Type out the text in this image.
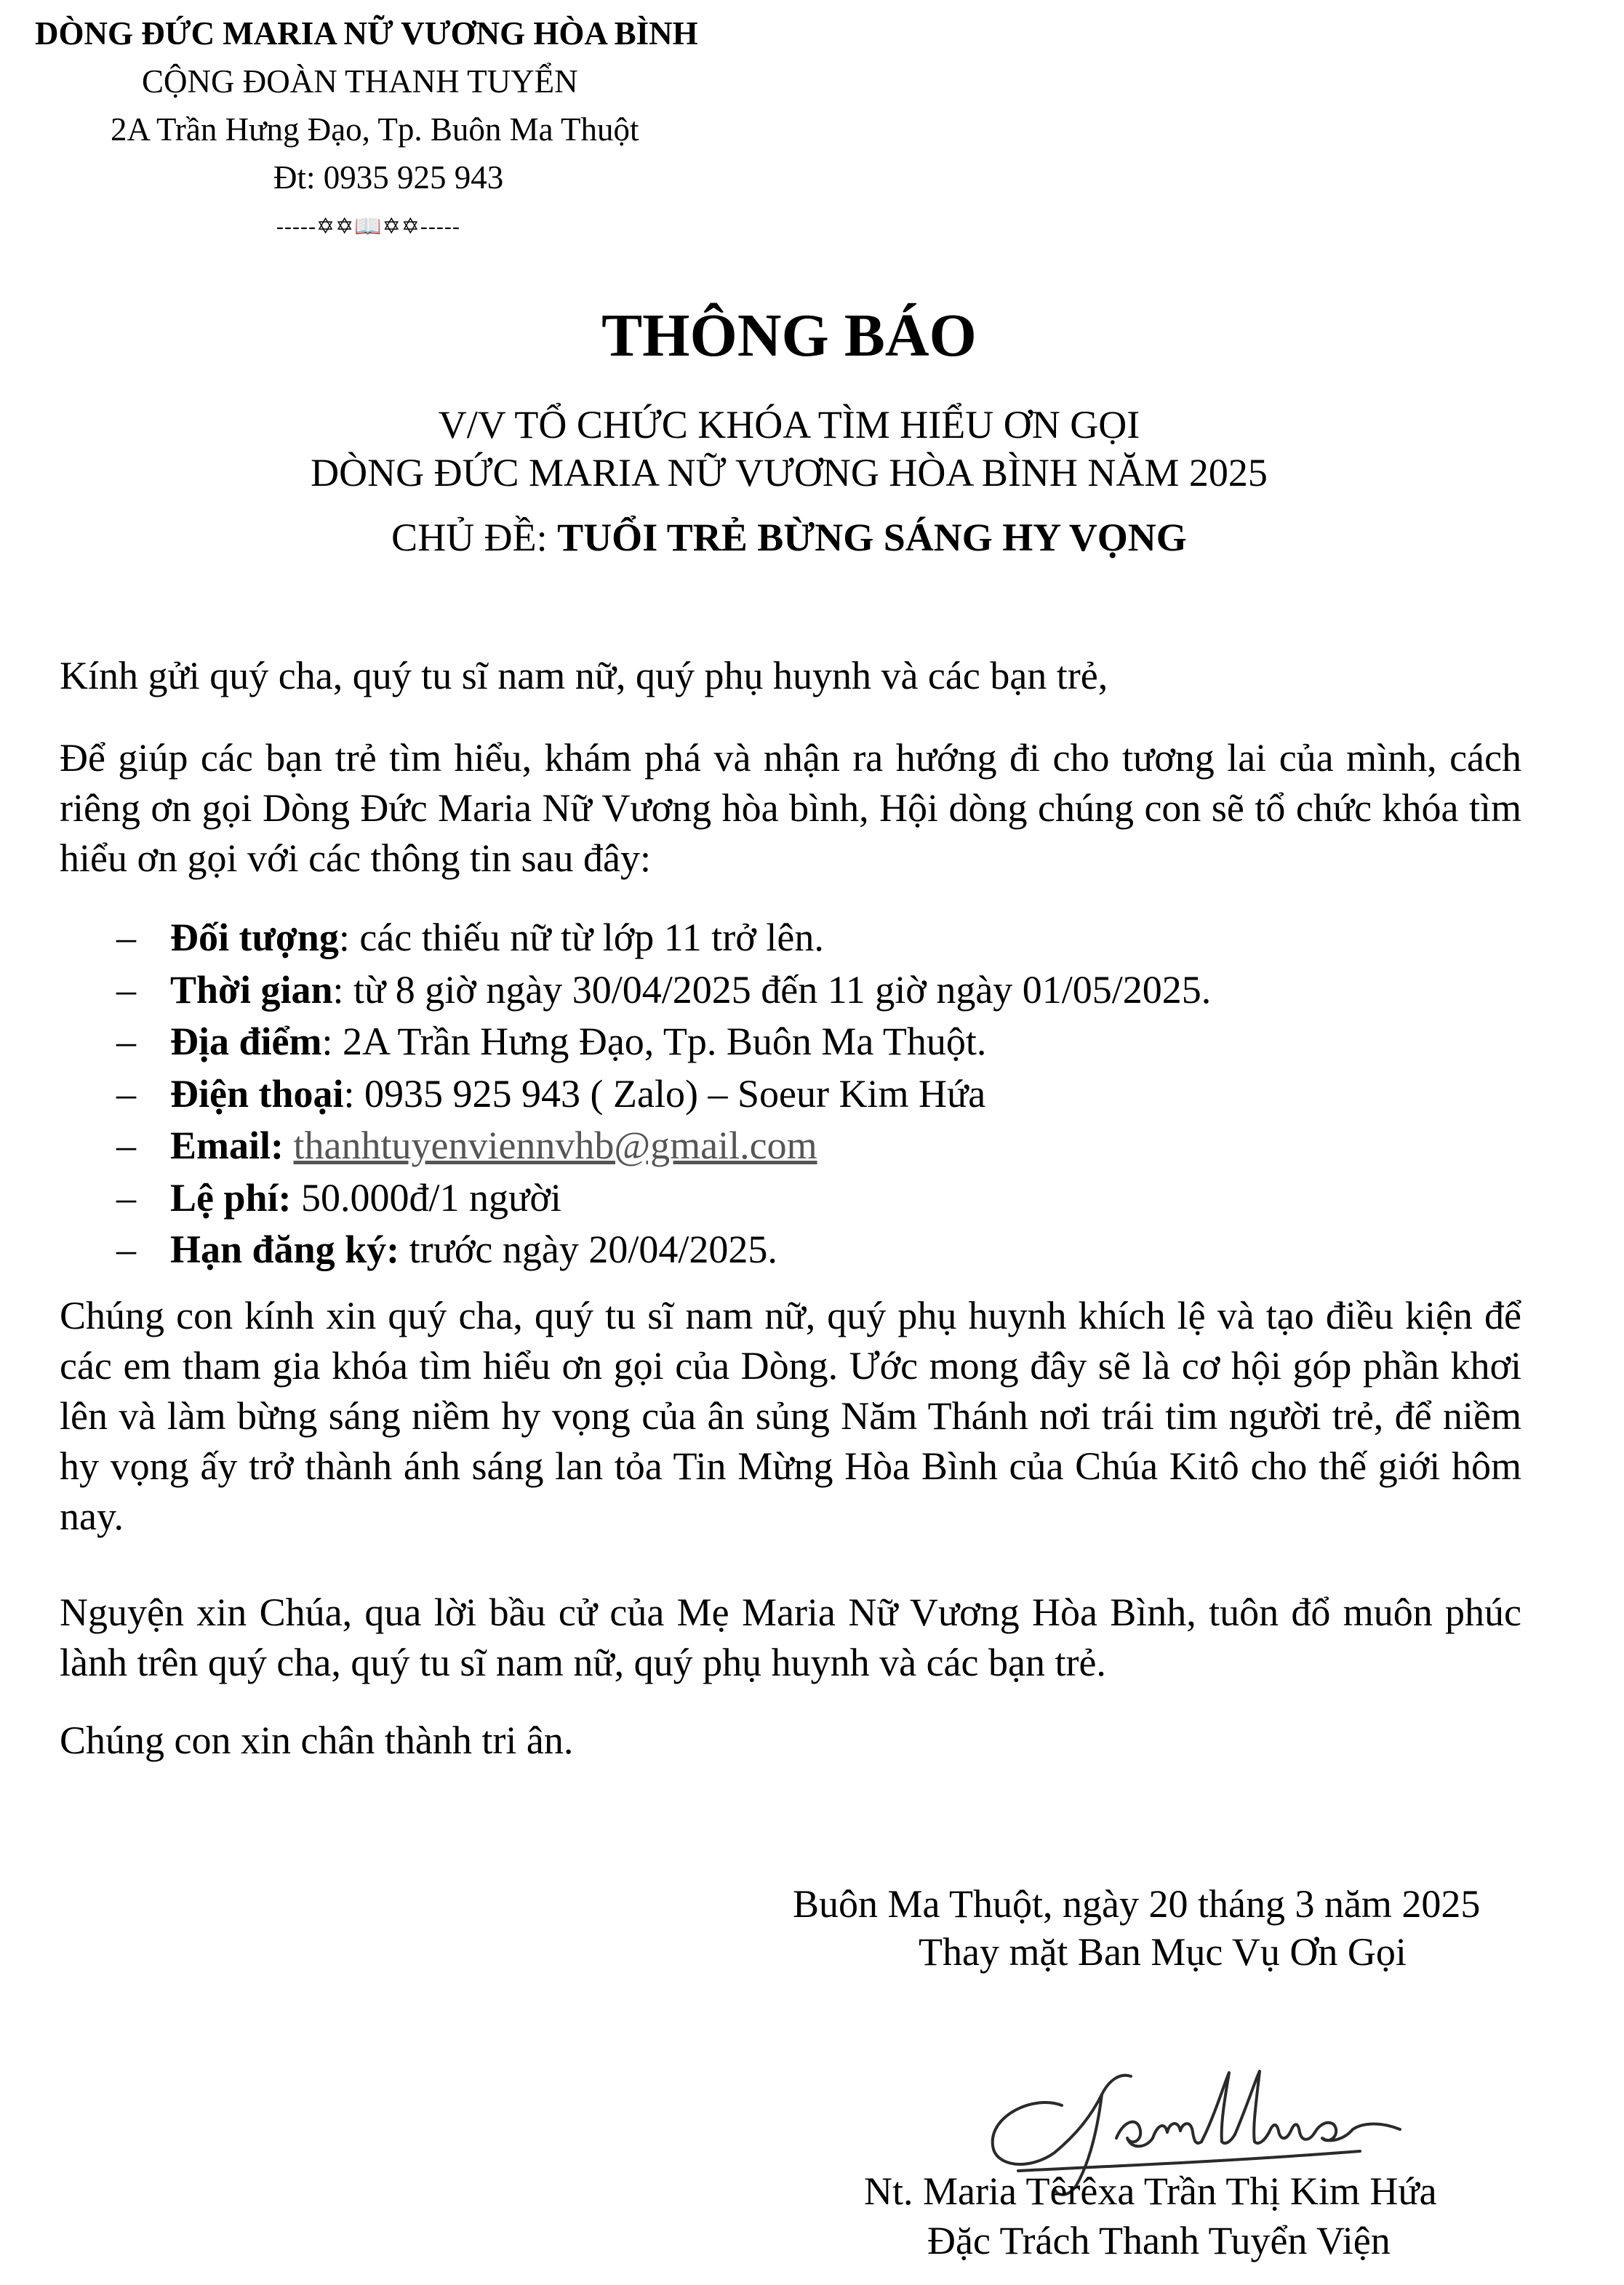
DÒNG ĐỨC MARIA NỮ VƯƠNG HÒA BÌNH
CỘNG ĐOÀN THANH TUYỂN
2A Trần Hưng Đạo, Tp. Buôn Ma Thuột
Đt: 0935 925 943
-----✡✡📖✡✡-----
THÔNG BÁO
V/V TỔ CHỨC KHÓA TÌM HIỂU ƠN GỌI
DÒNG ĐỨC MARIA NỮ VƯƠNG HÒA BÌNH NĂM 2025
CHỦ ĐỀ: TUỔI TRẺ BỪNG SÁNG HY VỌNG
Kính gửi quý cha, quý tu sĩ nam nữ, quý phụ huynh và các bạn trẻ,
Để giúp các bạn trẻ tìm hiểu, khám phá và nhận ra hướng đi cho tương lai của mình, cách riêng ơn gọi Dòng Đức Maria Nữ Vương hòa bình, Hội dòng chúng con sẽ tổ chức khóa tìm hiểu ơn gọi với các thông tin sau đây:
– Đối tượng: các thiếu nữ từ lớp 11 trở lên.
– Thời gian: từ 8 giờ ngày 30/04/2025 đến 11 giờ ngày 01/05/2025.
– Địa điểm: 2A Trần Hưng Đạo, Tp. Buôn Ma Thuột.
– Điện thoại: 0935 925 943 ( Zalo) – Soeur Kim Hứa
– Email: thanhtuyenviennvhb@gmail.com
– Lệ phí: 50.000đ/1 người
– Hạn đăng ký: trước ngày 20/04/2025.
Chúng con kính xin quý cha, quý tu sĩ nam nữ, quý phụ huynh khích lệ và tạo điều kiện để các em tham gia khóa tìm hiểu ơn gọi của Dòng. Ước mong đây sẽ là cơ hội góp phần khơi lên và làm bừng sáng niềm hy vọng của ân sủng Năm Thánh nơi trái tim người trẻ, để niềm hy vọng ấy trở thành ánh sáng lan tỏa Tin Mừng Hòa Bình của Chúa Kitô cho thế giới hôm nay.
Nguyện xin Chúa, qua lời bầu cử của Mẹ Maria Nữ Vương Hòa Bình, tuôn đổ muôn phúc lành trên quý cha, quý tu sĩ nam nữ, quý phụ huynh và các bạn trẻ.
Chúng con xin chân thành tri ân.
Buôn Ma Thuột, ngày 20 tháng 3 năm 2025
Thay mặt Ban Mục Vụ Ơn Gọi
Nt. Maria Têrêxa Trần Thị Kim Hứa
Đặc Trách Thanh Tuyển Viện
